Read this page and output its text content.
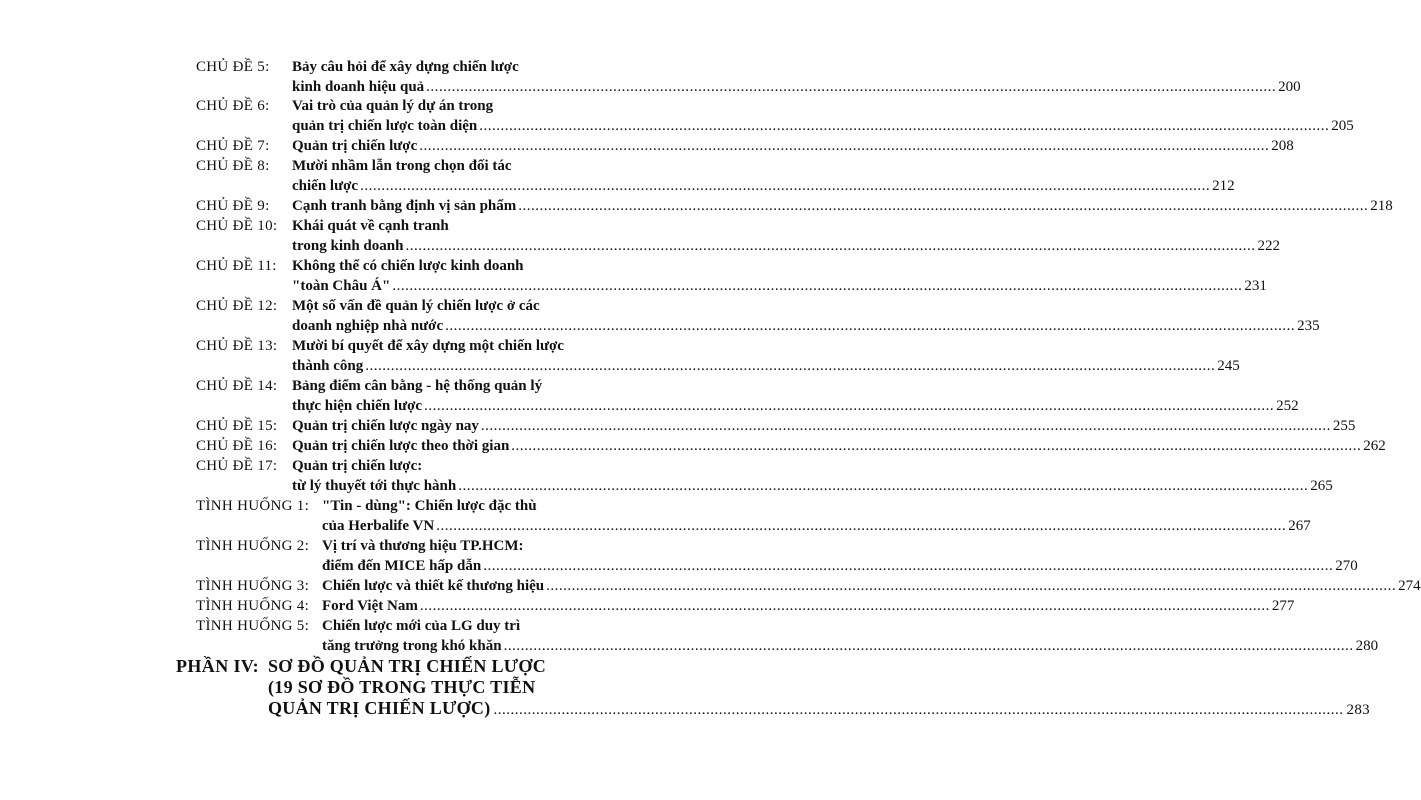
CHỦ ĐỀ 5: Bảy câu hỏi để xây dựng chiến lược
kinh doanh hiệu quả ........................................................................................................................................................................................................ 200
CHỦ ĐỀ 6: Vai trò của quản lý dự án trong
quản trị chiến lược toàn diện ........................................................................................................................................................................................................ 205
CHỦ ĐỀ 7: Quản trị chiến lược ........................................................................................................................................................................................................ 208
CHỦ ĐỀ 8: Mười nhầm lẫn trong chọn đối tác
chiến lược ........................................................................................................................................................................................................ 212
CHỦ ĐỀ 9: Cạnh tranh bằng định vị sản phẩm ........................................................................................................................................................................................................ 218
CHỦ ĐỀ 10: Khái quát về cạnh tranh
trong kinh doanh ........................................................................................................................................................................................................ 222
CHỦ ĐỀ 11: Không thể có chiến lược kinh doanh
"toàn Châu Á" ........................................................................................................................................................................................................ 231
CHỦ ĐỀ 12: Một số vấn đề quản lý chiến lược ở các
doanh nghiệp nhà nước ........................................................................................................................................................................................................ 235
CHỦ ĐỀ 13: Mười bí quyết để xây dựng một chiến lược
thành công ........................................................................................................................................................................................................ 245
CHỦ ĐỀ 14: Bảng điểm cân bằng - hệ thống quản lý
thực hiện chiến lược ........................................................................................................................................................................................................ 252
CHỦ ĐỀ 15: Quản trị chiến lược ngày nay ........................................................................................................................................................................................................ 255
CHỦ ĐỀ 16: Quản trị chiến lược theo thời gian ........................................................................................................................................................................................................ 262
CHỦ ĐỀ 17: Quản trị chiến lược:
từ lý thuyết tới thực hành ........................................................................................................................................................................................................ 265
TÌNH HUỐNG 1: "Tin - dùng": Chiến lược đặc thù
của Herbalife VN ........................................................................................................................................................................................................ 267
TÌNH HUỐNG 2: Vị trí và thương hiệu TP.HCM:
điểm đến MICE hấp dẫn ........................................................................................................................................................................................................ 270
TÌNH HUỐNG 3: Chiến lược và thiết kế thương hiệu ........................................................................................................................................................................................................ 274
TÌNH HUỐNG 4: Ford Việt Nam ........................................................................................................................................................................................................ 277
TÌNH HUỐNG 5: Chiến lược mới của LG duy trì
tăng trưởng trong khó khăn ........................................................................................................................................................................................................ 280
PHẦN IV: SƠ ĐỒ QUẢN TRỊ CHIẾN LƯỢC
(19 SƠ ĐỒ TRONG THỰC TIỄN
QUẢN TRỊ CHIẾN LƯỢC) ........................................................................................................................................................................................................ 283
